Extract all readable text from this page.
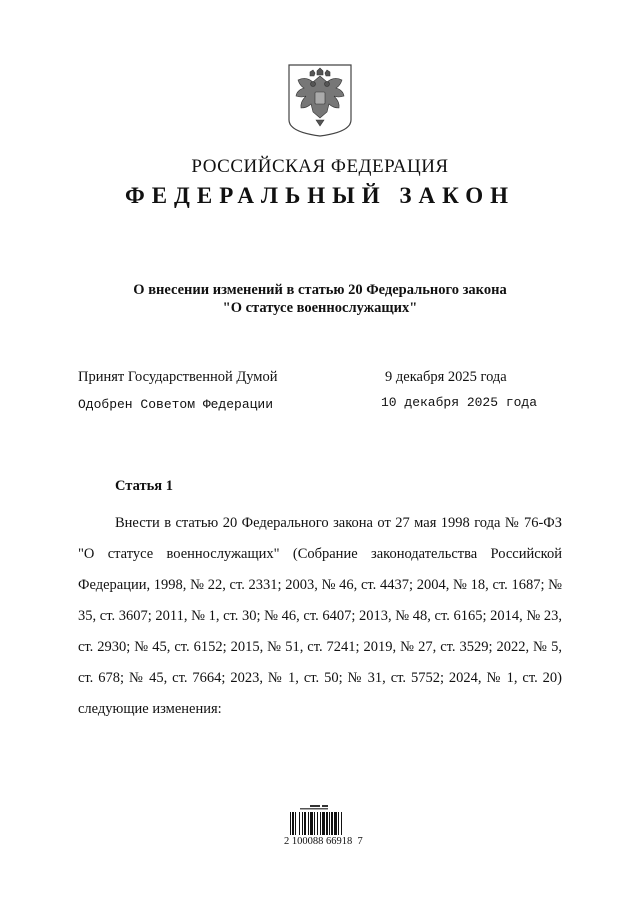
РОССИЙСКАЯ ФЕДЕРАЦИЯ
ФЕДЕРАЛЬНЫЙ ЗАКОН
О внесении изменений в статью 20 Федерального закона
"О статусе военнослужащих"
Принят Государственной Думой	9 декабря 2025 года
Одобрен Советом Федерации	10 декабря 2025 года
Статья 1
Внести в статью 20 Федерального закона от 27 мая 1998 года № 76-ФЗ "О статусе военнослужащих" (Собрание законодательства Российской Федерации, 1998, № 22, ст. 2331; 2003, № 46, ст. 4437; 2004, № 18, ст. 1687; № 35, ст. 3607; 2011, № 1, ст. 30; № 46, ст. 6407; 2013, № 48, ст. 6165; 2014, № 23, ст. 2930; № 45, ст. 6152; 2015, № 51, ст. 7241; 2019, № 27, ст. 3529; 2022, № 5, ст. 678; № 45, ст. 7664; 2023, № 1, ст. 50; № 31, ст. 5752; 2024, № 1, ст. 20) следующие изменения:
2 100088 66918  7
